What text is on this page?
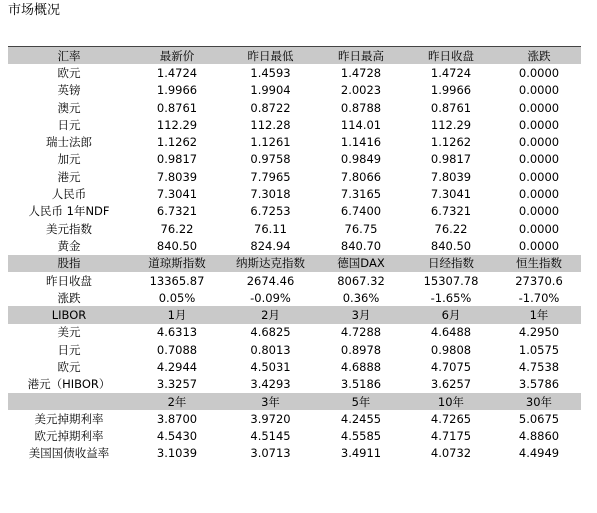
市场概况
汇率	最新价	昨日最低	昨日最高	昨日收盘	涨跌
欧元	1.4724	1.4593	1.4728	1.4724	0.0000
英镑	1.9966	1.9904	2.0023	1.9966	0.0000
澳元	0.8761	0.8722	0.8788	0.8761	0.0000
日元	112.29	112.28	114.01	112.29	0.0000
瑞士法郎	1.1262	1.1261	1.1416	1.1262	0.0000
加元	0.9817	0.9758	0.9849	0.9817	0.0000
港元	7.8039	7.7965	7.8066	7.8039	0.0000
人民币	7.3041	7.3018	7.3165	7.3041	0.0000
人民币 1年NDF	6.7321	6.7253	6.7400	6.7321	0.0000
美元指数	76.22	76.11	76.75	76.22	0.0000
黄金	840.50	824.94	840.70	840.50	0.0000
股指	道琼斯指数	纳斯达克指数	德国DAX	日经指数	恒生指数
昨日收盘	13365.87	2674.46	8067.32	15307.78	27370.6
涨跌	0.05%	-0.09%	0.36%	-1.65%	-1.70%
LIBOR	1月	2月	3月	6月	1年
美元	4.6313	4.6825	4.7288	4.6488	4.2950
日元	0.7088	0.8013	0.8978	0.9808	1.0575
欧元	4.2944	4.5031	4.6888	4.7075	4.7538
港元（HIBOR）	3.3257	3.4293	3.5186	3.6257	3.5786
	2年	3年	5年	10年	30年
美元掉期利率	3.8700	3.9720	4.2455	4.7265	5.0675
欧元掉期利率	4.5430	4.5145	4.5585	4.7175	4.8860
美国国债收益率	3.1039	3.0713	3.4911	4.0732	4.4949
